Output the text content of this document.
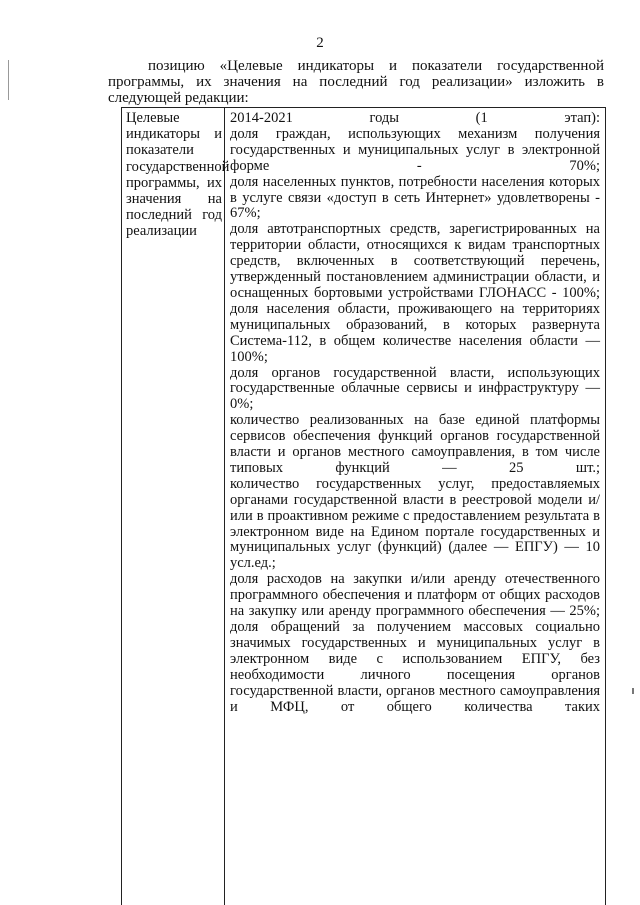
2

позицию «Целевые индикаторы и показатели государственной программы, их значения на последний год реализации» изложить в следующей редакции:

Целевые индикаторы и показатели государственной программы, их значения на последний год реализации
2014-2021 годы (1 этап):
доля граждан, использующих механизм получения государственных и муниципальных услуг в электронной форме - 70%;
доля населенных пунктов, потребности населения которых в услуге связи «доступ в сеть Интернет» удовлетворены - 67%;
доля автотранспортных средств, зарегистрированных на территории области, относящихся к видам транспортных средств, включенных в соответствующий перечень, утвержденный постановлением администрации области, и оснащенных бортовыми устройствами ГЛОНАСС - 100%;
доля населения области, проживающего на территориях муниципальных образований, в которых развернута Система-112, в общем количестве населения области — 100%;
доля органов государственной власти, использующих государственные облачные сервисы и инфраструктуру — 0%;
количество реализованных на базе единой платформы сервисов обеспечения функций органов государственной власти и органов местного самоуправления, в том числе типовых функций — 25 шт.;
количество государственных услуг, предоставляемых органами государственной власти в реестровой модели и/или в проактивном режиме с предоставлением результата в электронном виде на Едином портале государственных и муниципальных услуг (функций) (далее — ЕПГУ) — 10 усл.ед.;
доля расходов на закупки и/или аренду отечественного программного обеспечения и платформ от общих расходов на закупку или аренду программного обеспечения — 25%;
доля обращений за получением массовых социально значимых государственных и муниципальных услуг в электронном виде с использованием ЕПГУ, без необходимости личного посещения органов государственной власти, органов местного самоуправления и МФЦ, от общего количества таких
